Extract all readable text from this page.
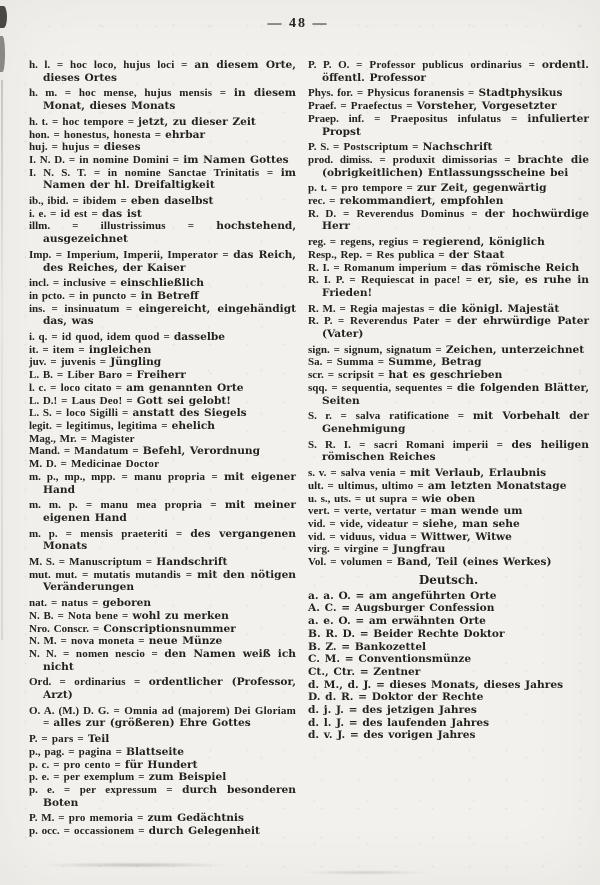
— 48 —
h. l. = hoc loco, hujus loci = an diesem Orte, dieses Ortes
h. m. = hoc mense, hujus mensis = in diesem Monat, dieses Monats
h. t. = hoc tempore = jetzt, zu dieser Zeit
hon. = honestus, honesta = ehrbar
huj. = hujus = dieses
I. N. D. = in nomine Domini = im Namen Gottes
I. N. S. T. = in nomine Sanctae Trinitatis = im Namen der hl. Dreifaltigkeit
ib., ibid. = ibidem = eben daselbst
i. e. = id est = das ist
illm. = illustrissimus = hochstehend, ausgezeichnet
Imp. = Imperium, Imperii, Imperator = das Reich, des Reiches, der Kaiser
incl. = inclusive = einschließlich
in pcto. = in puncto = in Betreff
ins. = insinuatum = eingereicht, eingehändigt das, was
i. q. = id quod, idem quod = dasselbe
it. = item = ingleichen
juv. = juvenis = Jüngling
L. B. = Liber Baro = Freiherr
l. c. = loco citato = am genannten Orte
L. D.! = Laus Deo! = Gott sei gelobt!
L. S. = loco Sigilli = anstatt des Siegels
legit. = legitimus, legitima = ehelich
Mag., Mr. = Magister
Mand. = Mandatum = Befehl, Verordnung
M. D. = Medicinae Doctor
m. p., mp., mpp. = manu propria = mit eigener Hand
m. m. p. = manu mea propria = mit meiner eigenen Hand
m. p. = mensis praeteriti = des vergangenen Monats
M. S. = Manuscriptum = Handschrift
mut. mut. = mutatis mutandis = mit den nötigen Veränderungen
nat. = natus = geboren
N. B. = Nota bene = wohl zu merken
Nro. Conscr. = Conscriptionsnummer
N. M. = nova moneta = neue Münze
N. N. = nomen nescio = den Namen weiß ich nicht
Ord. = ordinarius = ordentlicher (Professor, Arzt)
O. A. (M.) D. G. = Omnia ad (majorem) Dei Gloriam = alles zur (größeren) Ehre Gottes
P. = pars = Teil
p., pag. = pagina = Blattseite
p. c. = pro cento = für Hundert
p. e. = per exemplum = zum Beispiel
p. e. = per expressum = durch besonderen Boten
P. M. = pro memoria = zum Gedächtnis
p. occ. = occassionem = durch Gelegenheit
P. P. O. = Professor publicus ordinarius = ordentl. öffentl. Professor
Phys. for. = Physicus foranensis = Stadtphysikus
Praef. = Praefectus = Vorsteher, Vorgesetzter
Praep. inf. = Praepositus infulatus = infulierter Propst
P. S. = Postscriptum = Nachschrift
prod. dimiss. = produxit dimissorias = brachte die (obrigkeitlichen) Entlassungsscheine bei
p. t. = pro tempore = zur Zeit, gegenwärtig
rec. = rekommandiert, empfohlen
R. D. = Reverendus Dominus = der hochwürdige Herr
reg. = regens, regius = regierend, königlich
Resp., Rep. = Res publica = der Staat
R. I. = Romanum imperium = das römische Reich
R. I. P. = Requiescat in pace! = er, sie, es ruhe in Frieden!
R. M. = Regia majestas = die königl. Majestät
R. P. = Reverendus Pater = der ehrwürdige Pater (Vater)
sign. = signum, signatum = Zeichen, unterzeichnet
Sa. = Summa = Summe, Betrag
scr. = scripsit = hat es geschrieben
sqq. = sequentia, sequentes = die folgenden Blätter, Seiten
S. r. = salva ratificatione = mit Vorbehalt der Genehmigung
S. R. I. = sacri Romani imperii = des heiligen römischen Reiches
s. v. = salva venia = mit Verlaub, Erlaubnis
ult. = ultimus, ultimo = am letzten Monatstage
u. s., uts. = ut supra = wie oben
vert. = verte, vertatur = man wende um
vid. = vide, videatur = siehe, man sehe
vid. = viduus, vidua = Wittwer, Witwe
virg. = virgine = Jungfrau
Vol. = volumen = Band, Teil (eines Werkes)
Deutsch.
a. a. O. = am angeführten Orte
A. C. = Augsburger Confession
a. e. O. = am erwähnten Orte
B. R. D. = Beider Rechte Doktor
B. Z. = Bankozettel
C. M. = Conventionsmünze
Ct., Ctr. = Zentner
d. M., d. J. = dieses Monats, dieses Jahres
D. d. R. = Doktor der Rechte
d. j. J. = des jetzigen Jahres
d. l. J. = des laufenden Jahres
d. v. J. = des vorigen Jahres
